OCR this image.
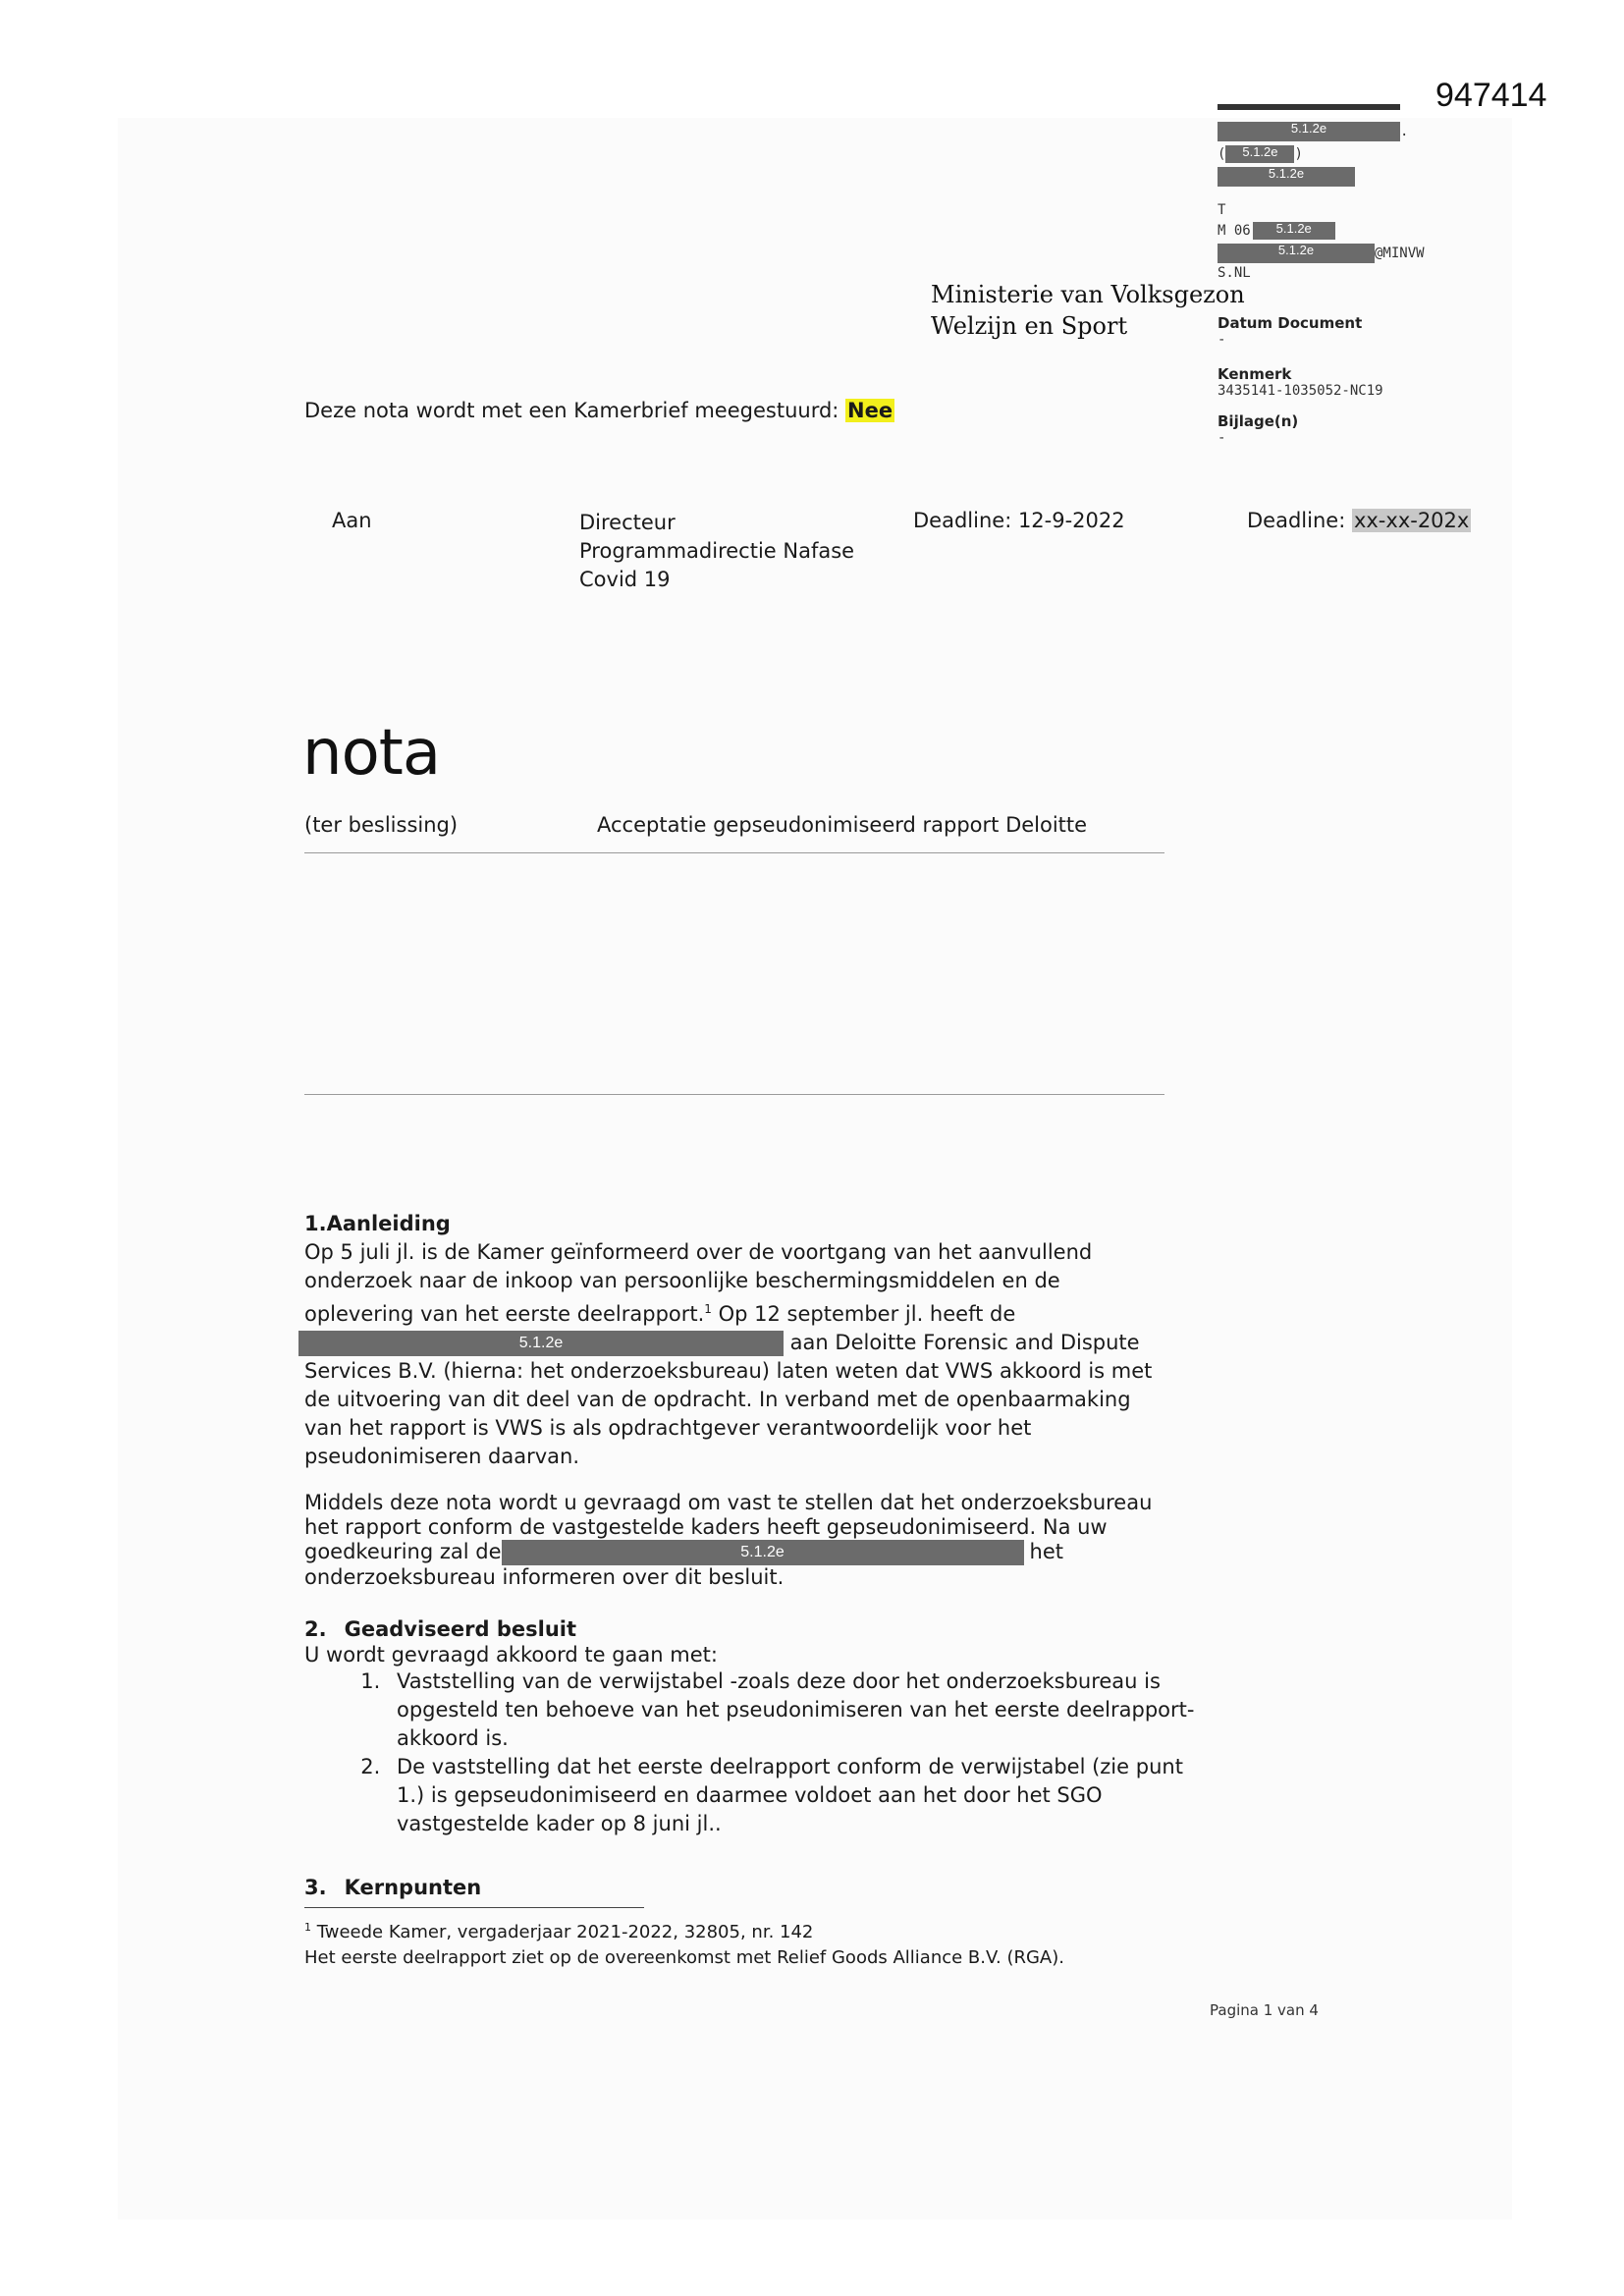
947414
5.1.2e	.
( 5.1.2e )
5.1.2e
T
M 06 5.1.2e
5.1.2e	@MINVW
S.NL
Datum Document
-
Kenmerk
3435141-1035052-NC19
Bijlage(n)
-
Ministerie van Volksgezon
Welzijn en Sport
Deze nota wordt met een Kamerbrief meegestuurd: Nee
Aan	Directeur
Programmadirectie Nafase
Covid 19
Deadline: 12-9-2022	Deadline: xx-xx-202x
nota
(ter beslissing)	Acceptatie gepseudonimiseerd rapport Deloitte
1.Aanleiding
Op 5 juli jl. is de Kamer geïnformeerd over de voortgang van het aanvullend
onderzoek naar de inkoop van persoonlijke beschermingsmiddelen en de
oplevering van het eerste deelrapport.$^1$ Op 12 september jl. heeft de
5.1.2e	aan Deloitte Forensic and Dispute
Services B.V. (hierna: het onderzoeksbureau) laten weten dat VWS akkoord is met
de uitvoering van dit deel van de opdracht. In verband met de openbaarmaking
van het rapport is VWS is als opdrachtgever verantwoordelijk voor het
pseudonimiseren daarvan.
Middels deze nota wordt u gevraagd om vast te stellen dat het onderzoeksbureau
het rapport conform de vastgestelde kaders heeft gepseudonimiseerd. Na uw
goedkeuring zal de	5.1.2e	het
onderzoeksbureau informeren over dit besluit.
2. Geadviseerd besluit
U wordt gevraagd akkoord te gaan met:
1. Vaststelling van de verwijstabel -zoals deze door het onderzoeksbureau is opgesteld ten behoeve van het pseudonimiseren van het eerste deelrapport- akkoord is.
2. De vaststelling dat het eerste deelrapport conform de verwijstabel (zie punt 1.) is gepseudonimiseerd en daarmee voldoet aan het door het SGO vastgestelde kader op 8 juni jl..
3. Kernpunten
$^1$ Tweede Kamer, vergaderjaar 2021-2022, 32805, nr. 142
Het eerste deelrapport ziet op de overeenkomst met Relief Goods Alliance B.V. (RGA).
Pagina 1 van 4
